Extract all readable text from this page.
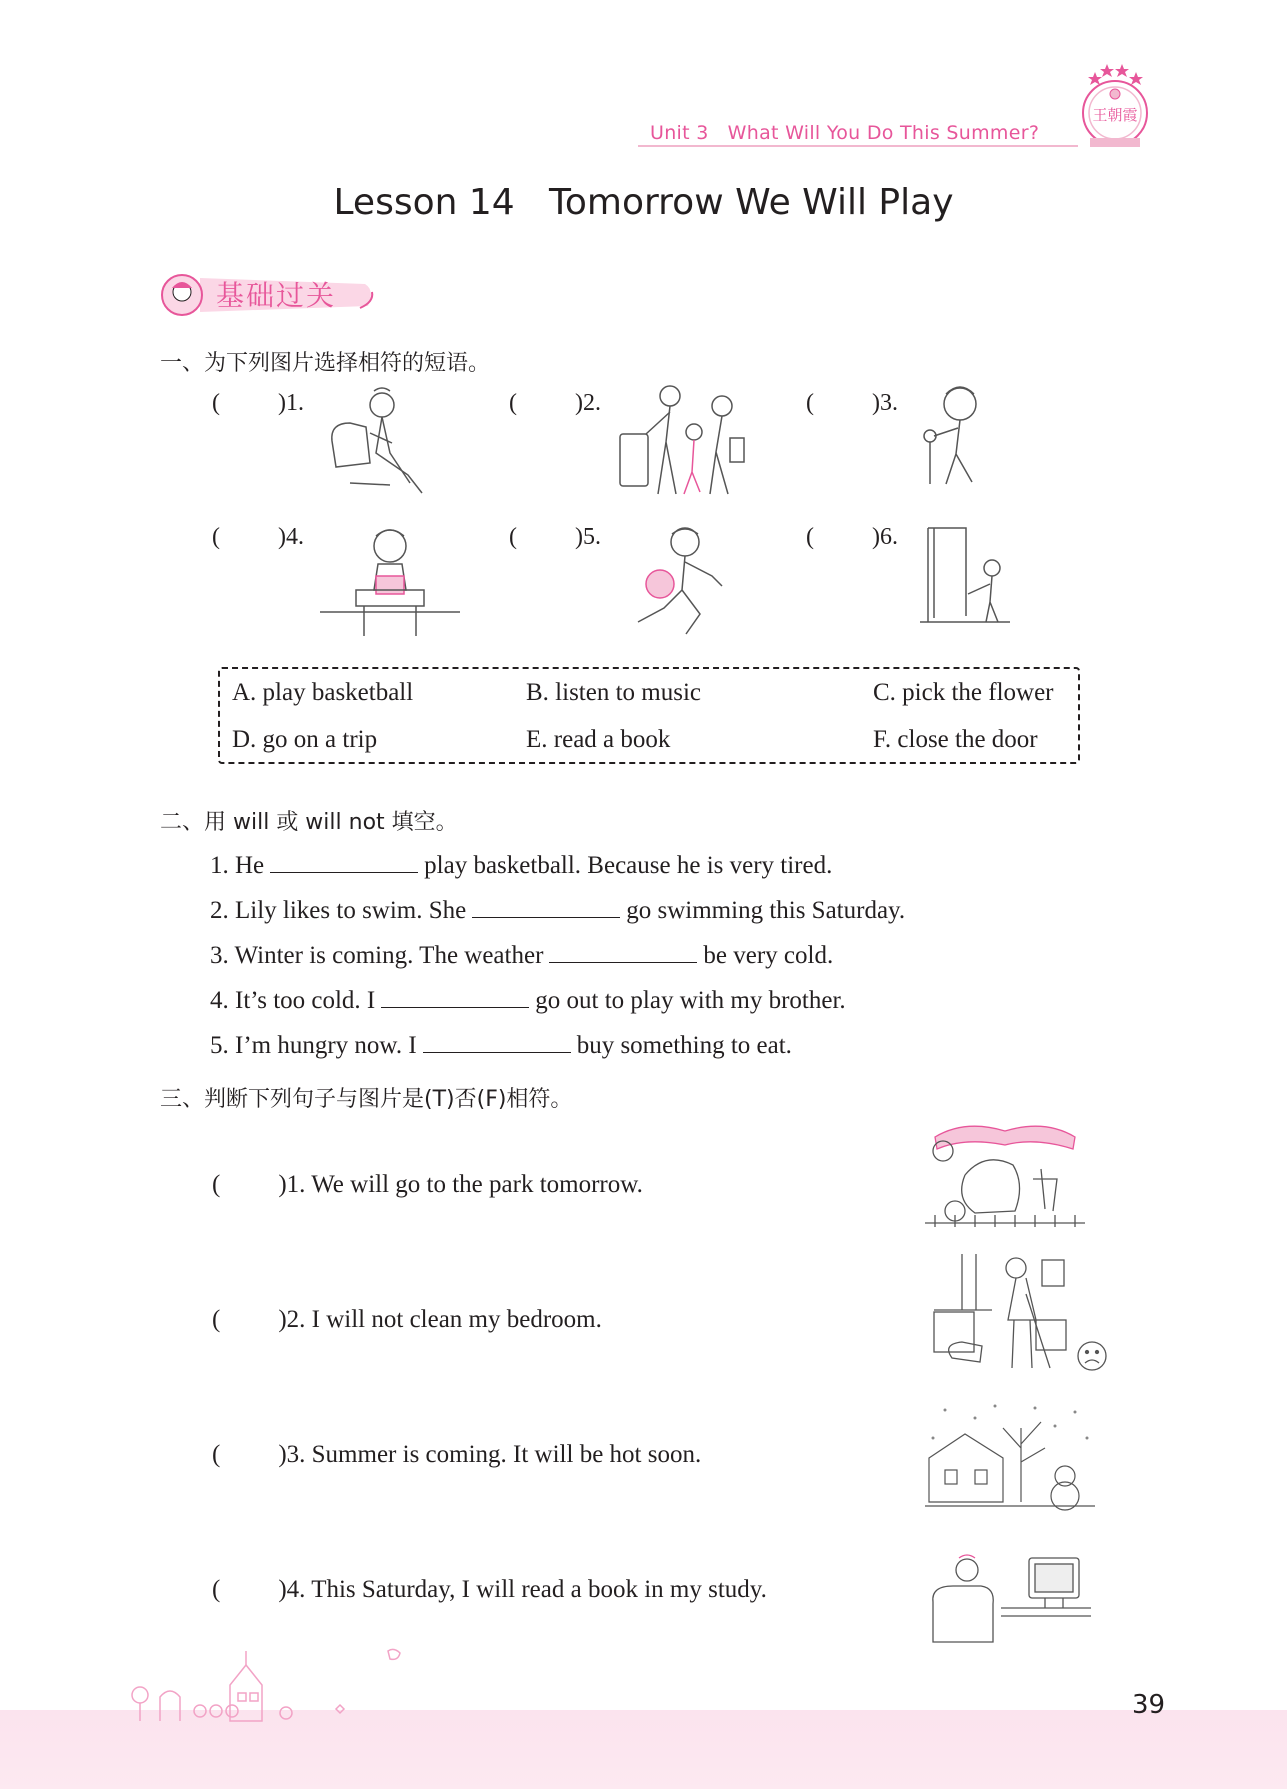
Unit 3 What Will You Do This Summer?
王朝霞
Lesson 14   Tomorrow We Will Play
基础过关
一、为下列图片选择相符的短语。
( )1.	( )2.	( )3.
( )4.	( )5.	( )6.
A. play basketball	B. listen to music	C. pick the flower
D. go on a trip	E. read a book	F. close the door
二、用 will 或 will not 填空。
1. He	play basketball. Because he is very tired.
2. Lily likes to swim. She	go swimming this Saturday.
3. Winter is coming. The weather	be very cold.
4. It’s too cold. I	go out to play with my brother.
5. I’m hungry now. I	buy something to eat.
三、判断下列句子与图片是(T)否(F)相符。
( )1. We will go to the park tomorrow.
( )2. I will not clean my bedroom.
( )3. Summer is coming. It will be hot soon.
( )4. This Saturday, I will read a book in my study.
39
